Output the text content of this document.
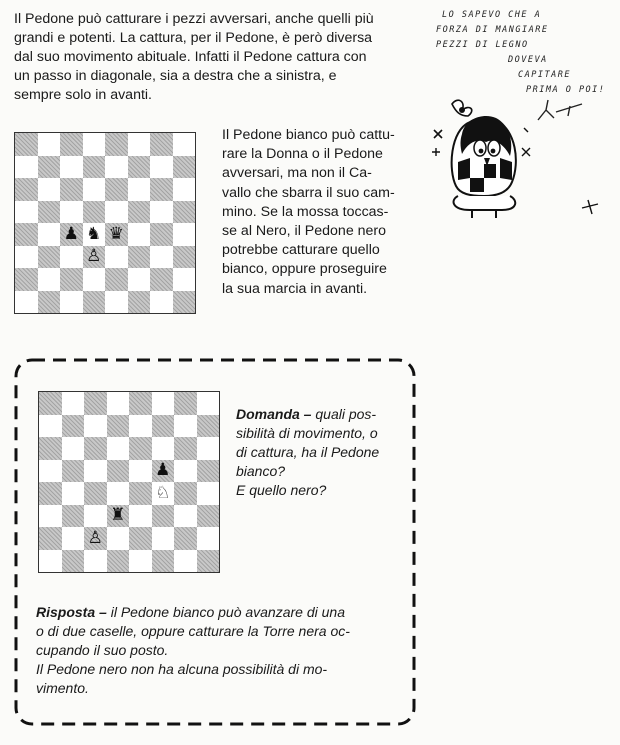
Il Pedone può catturare i pezzi avversari, anche quelli più
grandi e potenti. La cattura, per il Pedone, è però diversa
dal suo movimento abituale. Infatti il Pedone cattura con
un passo in diagonale, sia a destra che a sinistra, e
sempre solo in avanti.

LO SAPEVO CHE A
FORZA DI MANGIARE
PEZZI DI LEGNO
DOVEVA
CAPITARE
PRIMA O POI!
♟ ♞ ♛
♙

Il Pedone bianco può cattu-
rare la Donna o il Pedone
avversari, ma non il Ca-
vallo che sbarra il suo cam-
mino. Se la mossa toccas-
se al Nero, il Pedone nero
potrebbe catturare quello
bianco, oppure proseguire
la sua marcia in avanti.

♟
♘
♜
♙

Domanda – quali pos-
sibilità di movimento, o
di cattura, ha il Pedone
bianco?
E quello nero?

Risposta – il Pedone bianco può avanzare di una
o di due caselle, oppure catturare la Torre nera oc-
cupando il suo posto.
Il Pedone nero non ha alcuna possibilità di mo-
vimento.
